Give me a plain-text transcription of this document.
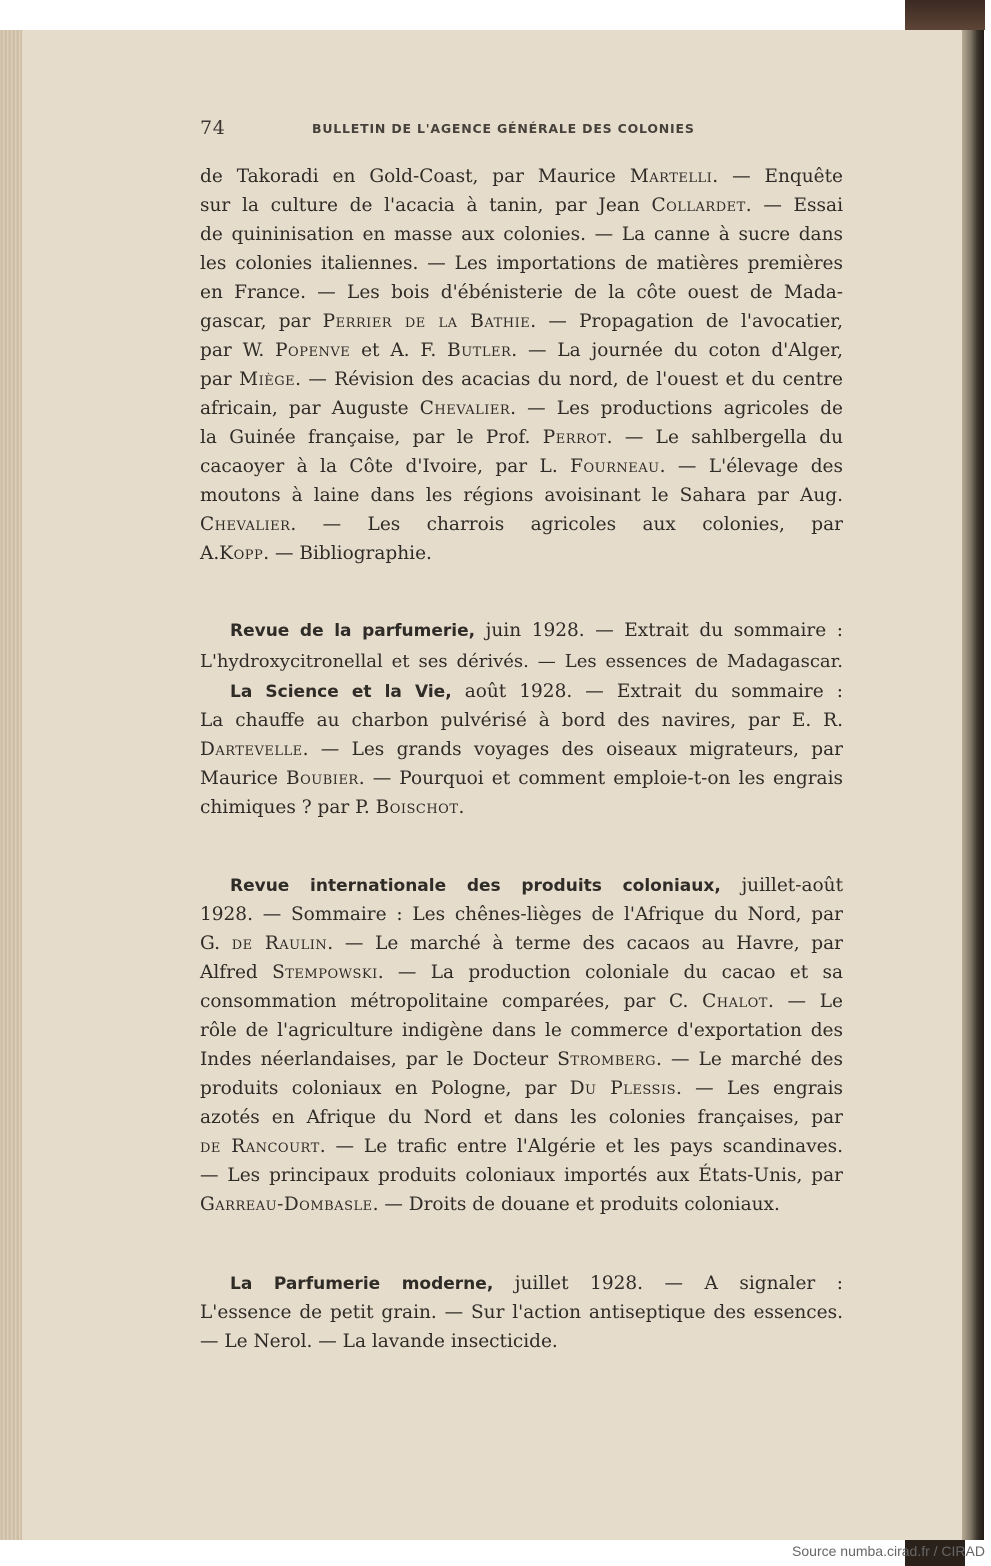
74	BULLETIN DE L'AGENCE GÉNÉRALE DES COLONIES
de Takoradi en Gold-Coast, par Maurice Martelli. — Enquête
sur la culture de l'acacia à tanin, par Jean Collardet. — Essai
de quininisation en masse aux colonies. — La canne à sucre dans
les colonies italiennes. — Les importations de matières premières
en France. — Les bois d'ébénisterie de la côte ouest de Mada-
gascar, par Perrier de la Bathie. — Propagation de l'avocatier,
par W. Popenve et A. F. Butler. — La journée du coton d'Alger,
par Miège. — Révision des acacias du nord, de l'ouest et du centre
africain, par Auguste Chevalier. — Les productions agricoles de
la Guinée française, par le Prof. Perrot. — Le sahlbergella du
cacaoyer à la Côte d'Ivoire, par L. Fourneau. — L'élevage des
moutons à laine dans les régions avoisinant le Sahara par Aug.
Chevalier. — Les charrois agricoles aux colonies, par
A.Kopp. — Bibliographie.
Revue de la parfumerie, juin 1928. — Extrait du sommaire :
L'hydroxycitronellal et ses dérivés. — Les essences de Madagascar.
La Science et la Vie, août 1928. — Extrait du sommaire :
La chauffe au charbon pulvérisé à bord des navires, par E. R.
Dartevelle. — Les grands voyages des oiseaux migrateurs, par
Maurice Boubier. — Pourquoi et comment emploie-t-on les engrais
chimiques ? par P. Boischot.
Revue internationale des produits coloniaux, juillet-août
1928. — Sommaire : Les chênes-lièges de l'Afrique du Nord, par
G. de Raulin. — Le marché à terme des cacaos au Havre, par
Alfred Stempowski. — La production coloniale du cacao et sa
consommation métropolitaine comparées, par C. Chalot. — Le
rôle de l'agriculture indigène dans le commerce d'exportation des
Indes néerlandaises, par le Docteur Stromberg. — Le marché des
produits coloniaux en Pologne, par Du Plessis. — Les engrais
azotés en Afrique du Nord et dans les colonies françaises, par
de Rancourt. — Le trafic entre l'Algérie et les pays scandinaves.
— Les principaux produits coloniaux importés aux États-Unis, par
Garreau-Dombasle. — Droits de douane et produits coloniaux.
La Parfumerie moderne, juillet 1928. — A signaler :
L'essence de petit grain. — Sur l'action antiseptique des essences.
— Le Nerol. — La lavande insecticide.
Source numba.cirad.fr / CIRAD
